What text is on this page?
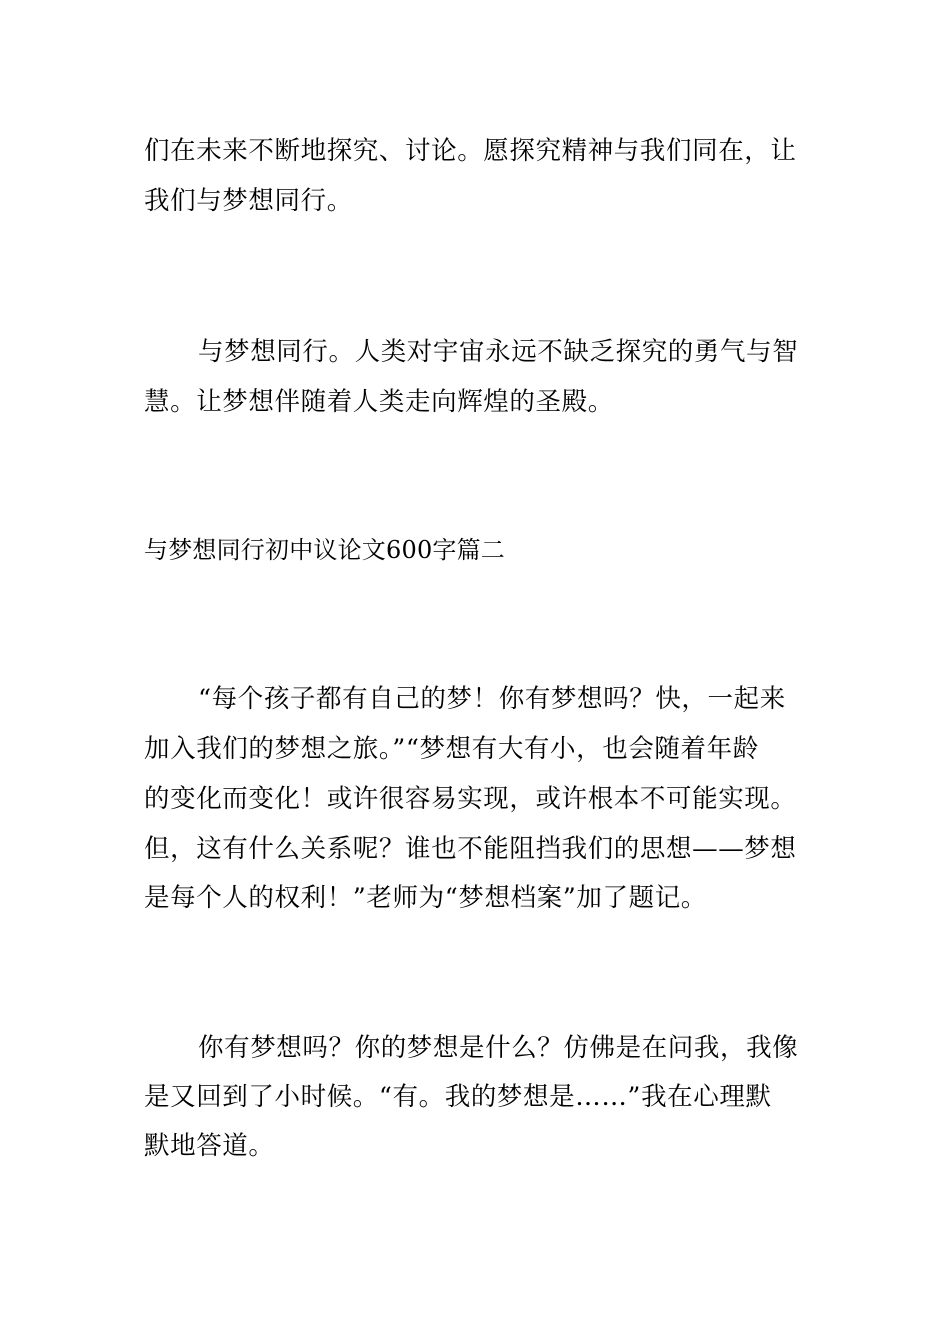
们在未来不断地探究、讨论。愿探究精神与我们同在，让
我们与梦想同行。
与梦想同行。人类对宇宙永远不缺乏探究的勇气与智
慧。让梦想伴随着人类走向辉煌的圣殿。
与梦想同行初中议论文600字篇二
“每个孩子都有自己的梦！你有梦想吗？快，一起来
加入我们的梦想之旅。”“梦想有大有小，也会随着年龄
的变化而变化！或许很容易实现，或许根本不可能实现。
但，这有什么关系呢？谁也不能阻挡我们的思想——梦想
是每个人的权利！”老师为“梦想档案”加了题记。
你有梦想吗？你的梦想是什么？仿佛是在问我，我像
是又回到了小时候。“有。我的梦想是……”我在心理默
默地答道。
